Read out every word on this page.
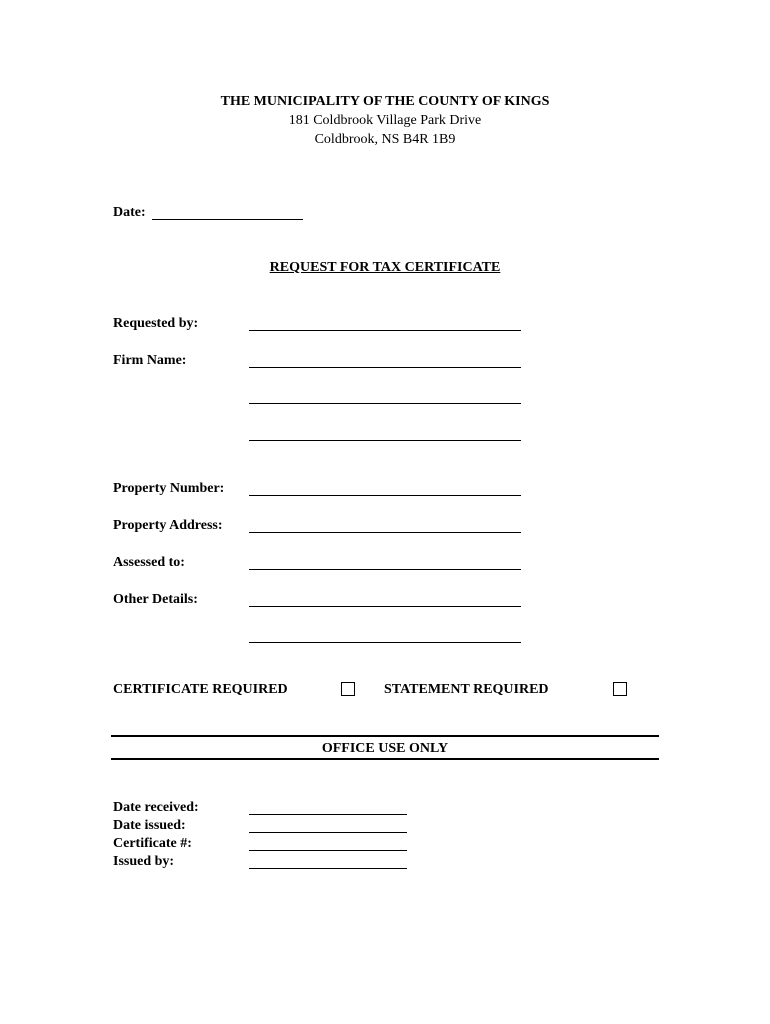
THE MUNICIPALITY OF THE COUNTY OF KINGS
181 Coldbrook Village Park Drive
Coldbrook, NS B4R 1B9
Date:
REQUEST FOR TAX CERTIFICATE
Requested by:
Firm Name:
Property Number:
Property Address:
Assessed to:
Other Details:
CERTIFICATE REQUIRED	STATEMENT REQUIRED
OFFICE USE ONLY
Date received:
Date issued:
Certificate #:
Issued by:
